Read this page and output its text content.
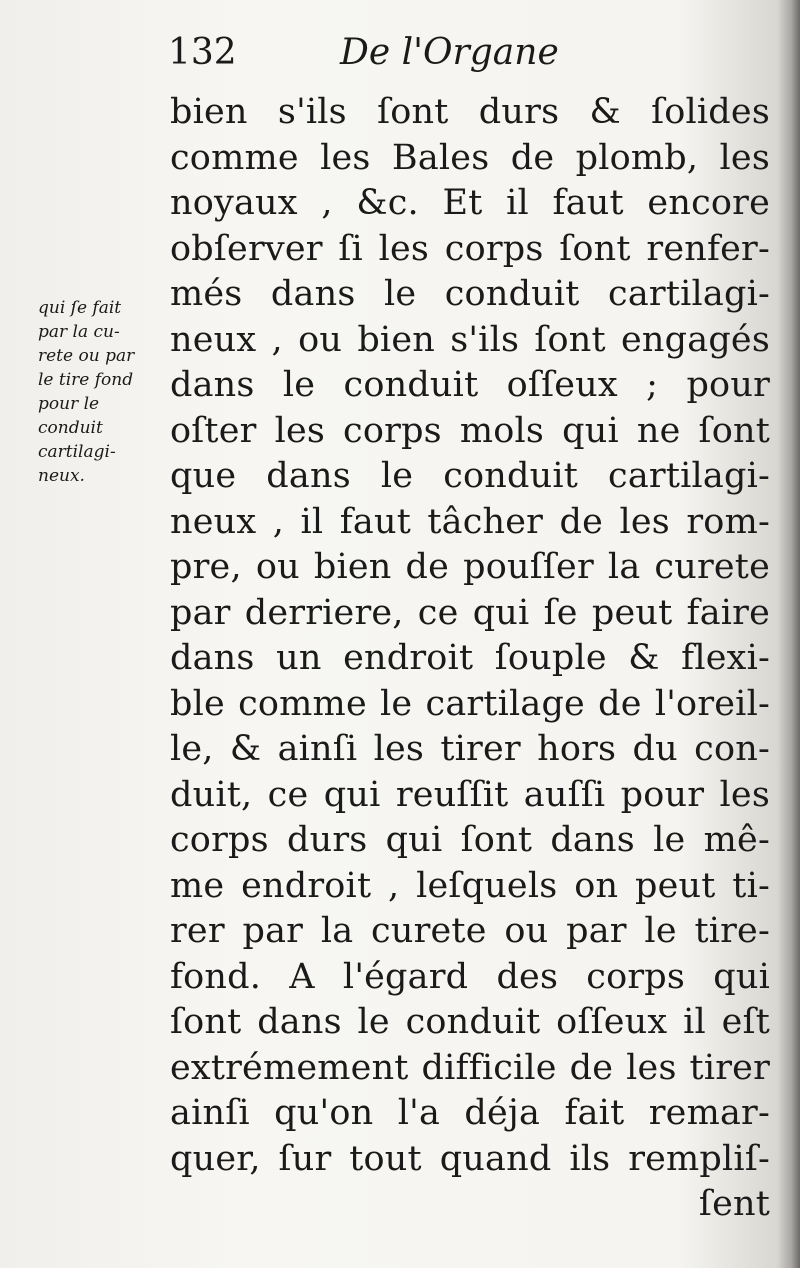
132	De l'Organe
qui ſe fait
par la cu-
rete ou par
le tire fond
pour le
conduit
cartilagi-
neux.
bien s'ils ſont durs & ſolides
comme les Bales de plomb, les
noyaux , &c. Et il faut encore
obſerver ſi les corps ſont renfer-
més dans le conduit cartilagi-
neux , ou bien s'ils ſont engagés
dans le conduit oſſeux ; pour
oſter les corps mols qui ne ſont
que dans le conduit cartilagi-
neux , il faut tâcher de les rom-
pre, ou bien de pouſſer la curete
par derriere, ce qui ſe peut faire
dans un endroit ſouple & flexi-
ble comme le cartilage de l'oreil-
le, & ainſi les tirer hors du con-
duit, ce qui reuſſit auſſi pour les
corps durs qui ſont dans le mê-
me endroit , leſquels on peut ti-
rer par la curete ou par le tire-
fond. A l'égard des corps qui
ſont dans le conduit oſſeux il eſt
extrémement difficile de les tirer
ainſi qu'on l'a déja fait remar-
quer, ſur tout quand ils rempliſ-
ſent
